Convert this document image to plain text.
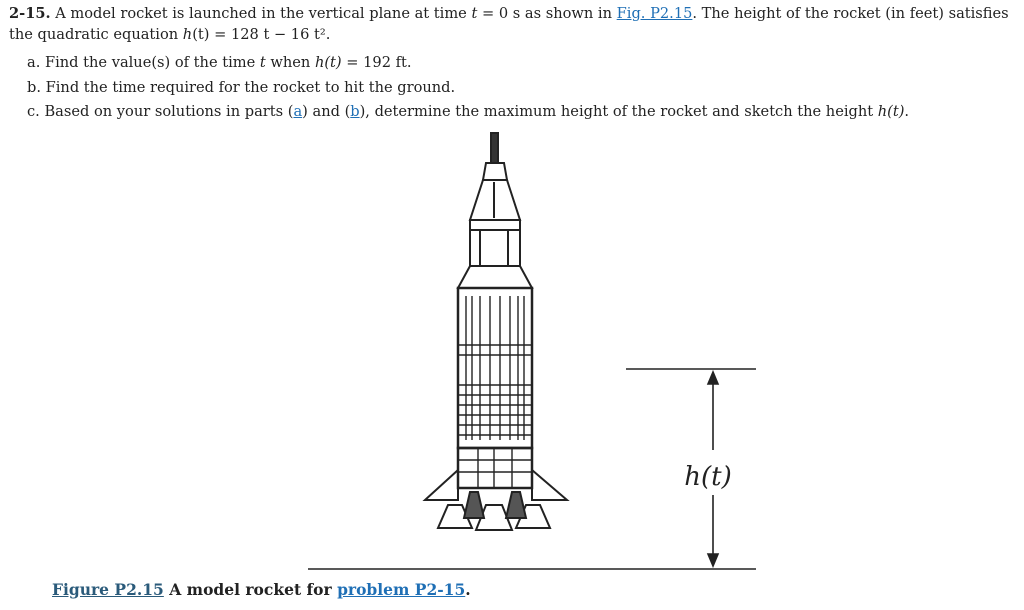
2-15. A model rocket is launched in the vertical plane at time t = 0 s as shown in Fig. P2.15. The height of the rocket (in feet) satisfies the quadratic equation h(t) = 128 t − 16 t².
a. Find the value(s) of the time t when h(t) = 192 ft.
b. Find the time required for the rocket to hit the ground.
c. Based on your solutions in parts (a) and (b), determine the maximum height of the rocket and sketch the height h(t).
h(t)
Figure P2.15 A model rocket for problem P2-15.
